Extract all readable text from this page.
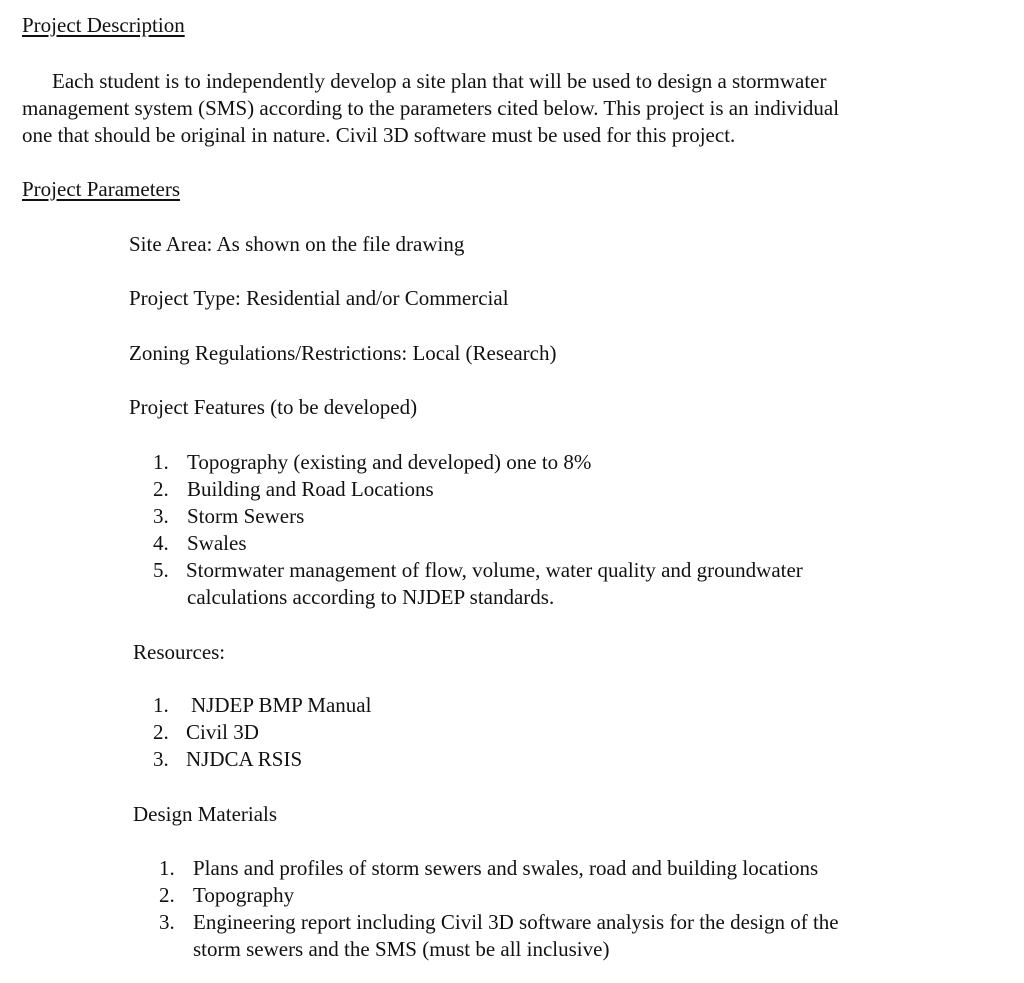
Project Description
Each student is to independently develop a site plan that will be used to design a stormwater
management system (SMS) according to the parameters cited below. This project is an individual
one that should be original in nature. Civil 3D software must be used for this project.
Project Parameters
Site Area: As shown on the file drawing
Project Type: Residential and/or Commercial
Zoning Regulations/Restrictions: Local (Research)
Project Features (to be developed)
1. Topography (existing and developed) one to 8%
2. Building and Road Locations
3. Storm Sewers
4. Swales
5. Stormwater management of flow, volume, water quality and groundwater
calculations according to NJDEP standards.
Resources:
1. NJDEP BMP Manual
2. Civil 3D
3. NJDCA RSIS
Design Materials
1. Plans and profiles of storm sewers and swales, road and building locations
2. Topography
3. Engineering report including Civil 3D software analysis for the design of the
storm sewers and the SMS (must be all inclusive)
